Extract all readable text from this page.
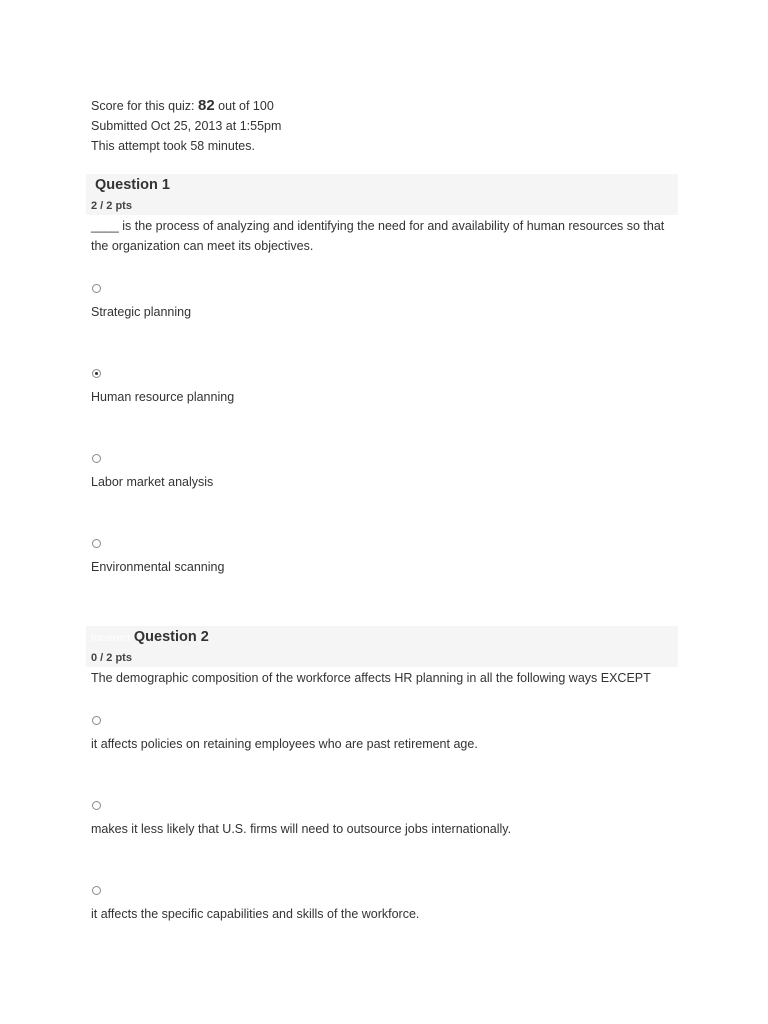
Score for this quiz: 82 out of 100
Submitted Oct 25, 2013 at 1:55pm
This attempt took 58 minutes.
Question 1
2 / 2 pts
____ is the process of analyzing and identifying the need for and availability of human resources so that the organization can meet its objectives.
Strategic planning
Human resource planning
Labor market analysis
Environmental scanning
Incorrect Question 2
0 / 2 pts
The demographic composition of the workforce affects HR planning in all the following ways EXCEPT
it affects policies on retaining employees who are past retirement age.
makes it less likely that U.S. firms will need to outsource jobs internationally.
it affects the specific capabilities and skills of the workforce.
